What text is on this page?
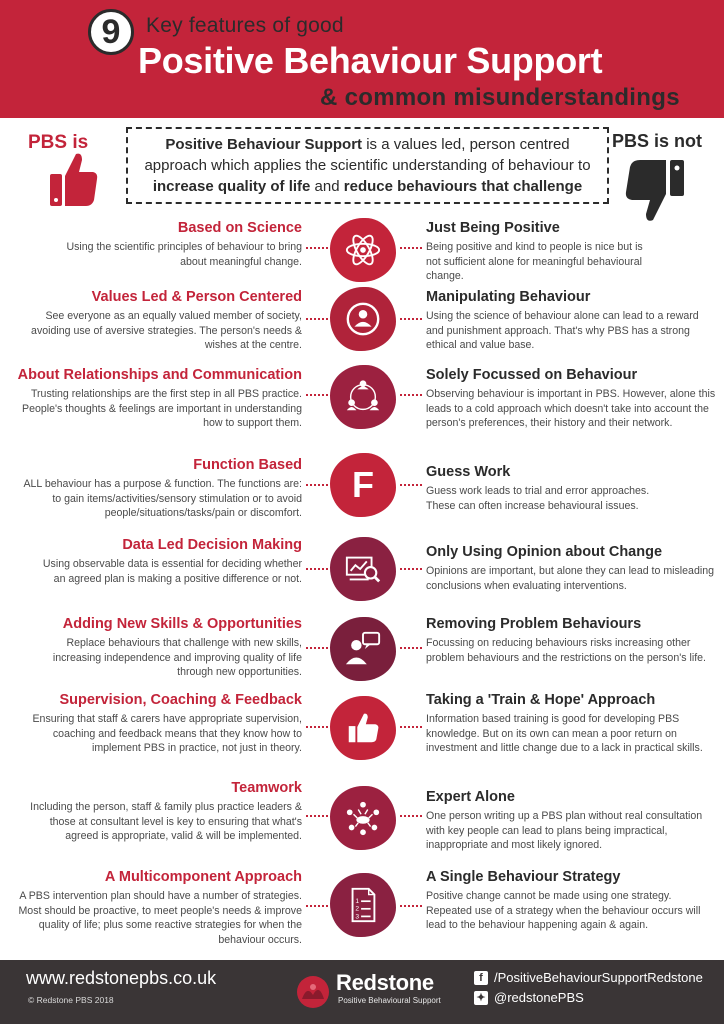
9 Key features of good
Positive Behaviour Support
& common misunderstandings
PBS is	PBS is not

Positive Behaviour Support is a values led, person centred approach which applies the scientific understanding of behaviour to increase quality of life and reduce behaviours that challenge

Based on Science
Using the scientific principles of behaviour to bring about meaningful change.
Just Being Positive
Being positive and kind to people is nice but is not sufficient alone for meaningful behavioural change.
Values Led & Person Centered
See everyone as an equally valued member of society, avoiding use of aversive strategies. The person's needs & wishes at the centre.
Manipulating Behaviour
Using the science of behaviour alone can lead to a reward and punishment approach. That's why PBS has a strong ethical and value base.
About Relationships and Communication
Trusting relationships are the first step in all PBS practice. People's thoughts & feelings are important in understanding how to support them.
Solely Focussed on Behaviour
Observing behaviour is important in PBS. However, alone this leads to a cold approach which doesn't take into account the person's preferences, their history and their network.
Function Based
ALL behaviour has a purpose & function. The functions are: to gain items/activities/sensory stimulation or to avoid people/situations/tasks/pain or discomfort.
F	Guess Work
Guess work leads to trial and error approaches. These can often increase behavioural issues.
Data Led Decision Making
Using observable data is essential for deciding whether an agreed plan is making a positive difference or not.
Only Using Opinion about Change
Opinions are important, but alone they can lead to misleading conclusions when evaluating interventions.
Adding New Skills & Opportunities
Replace behaviours that challenge with new skills, increasing independence and improving quality of life through new opportunities.
Removing Problem Behaviours
Focussing on reducing behaviours risks increasing other problem behaviours and the restrictions on the person's life.
Supervision, Coaching & Feedback
Ensuring that staff & carers have appropriate supervision, coaching and feedback means that they know how to implement PBS in practice, not just in theory.
Taking a 'Train & Hope' Approach
Information based training is good for developing PBS knowledge. But on its own can mean a poor return on investment and little change due to a lack in practical skills.
Teamwork
Including the person, staff & family plus practice leaders & those at consultant level is key to ensuring that what's agreed is appropriate, valid & will be implemented.
Expert Alone
One person writing up a PBS plan without real consultation with key people can lead to plans being impractical, inappropriate and most likely ignored.
A Multicomponent Approach
A PBS intervention plan should have a number of strategies. Most should be proactive, to meet people's needs & improve quality of life; plus some reactive strategies for when the behaviour occurs.
1
2
3
A Single Behaviour Strategy
Positive change cannot be made using one strategy. Repeated use of a strategy when the behaviour occurs will lead to the behaviour happening again & again.
www.redstonepbs.co.uk
© Redstone PBS 2018
Redstone
Positive Behavioural Support
f /PositiveBehaviourSupportRedstone
✦ @redstonePBS
